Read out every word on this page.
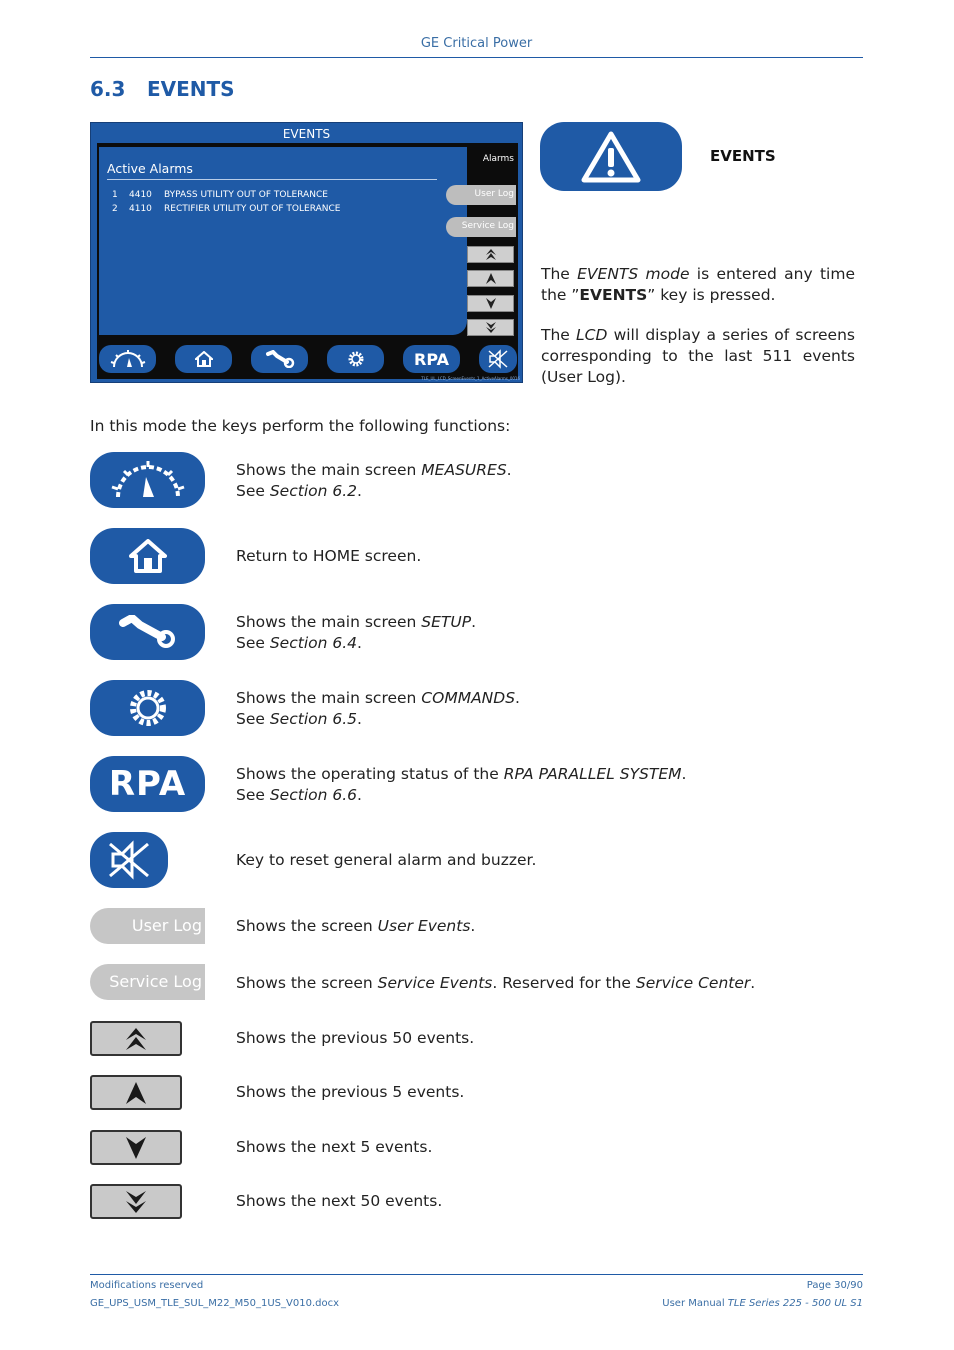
GE Critical Power
6.3 EVENTS
EVENTS
Active Alarms
1 4410 BYPASS UTILITY OUT OF TOLERANCE
2 4110 RECTIFIER UTILITY OUT OF TOLERANCE
Alarms
User Log
Service Log
RPA
TLE_UL_LCD_ScreenEvents_1_ActiveAlarms_0016
EVENTS
The EVENTS mode is entered any time the ”EVENTS” key is pressed.
The LCD will display a series of screens corresponding to the last 511 events (User Log).
In this mode the keys perform the following functions:
Shows the main screen MEASURES.
See Section 6.2.
Return to HOME screen.
Shows the main screen SETUP.
See Section 6.4.
Shows the main screen COMMANDS.
See Section 6.5.
RPA	Shows the operating status of the RPA PARALLEL SYSTEM.
See Section 6.6.
Key to reset general alarm and buzzer.
User Log Shows the screen User Events.
Service Log Shows the screen Service Events. Reserved for the Service Center.
Shows the previous 50 events.
Shows the previous 5 events.
Shows the next 5 events.
Shows the next 50 events.
Modifications reserved
GE_UPS_USM_TLE_SUL_M22_M50_1US_V010.docx
Page 30/90
User Manual TLE Series 225 - 500 UL S1
